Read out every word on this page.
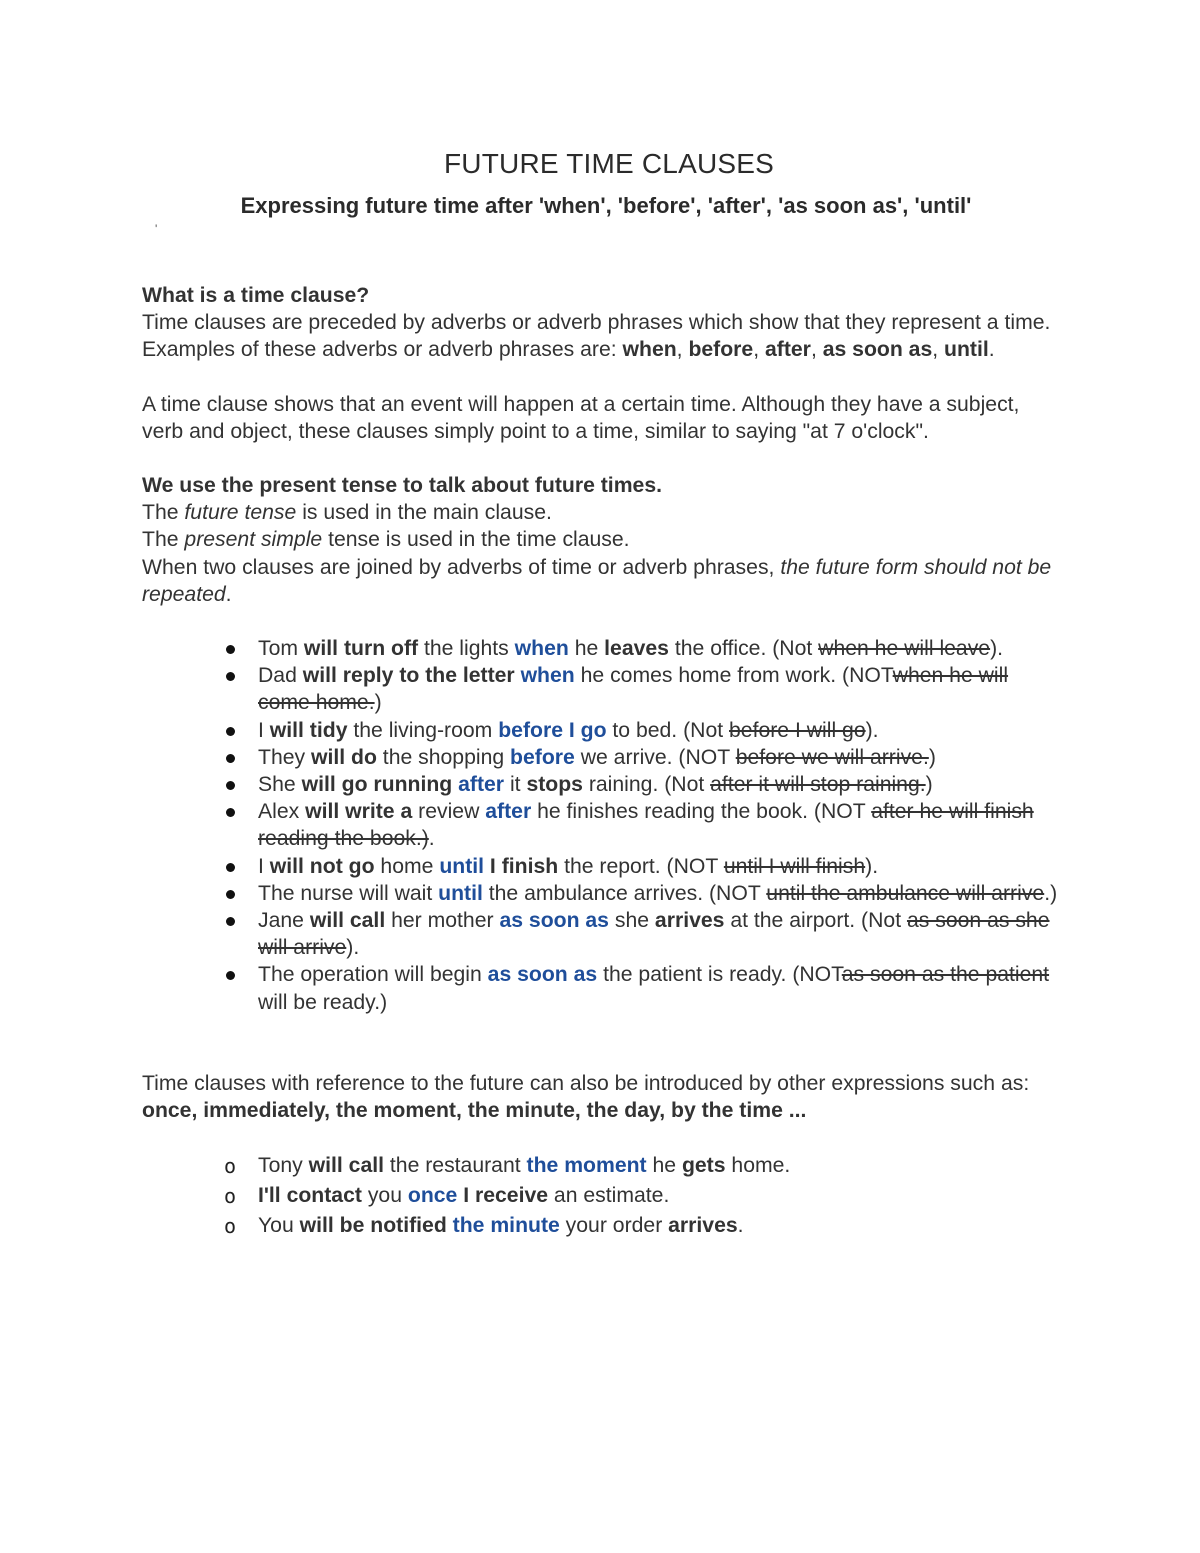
FUTURE TIME CLAUSES
Expressing future time after 'when', 'before', 'after', 'as soon as', 'until'
'

What is a time clause?

Time clauses are preceded by adverbs or adverb phrases which show that they represent a time.

Examples of these adverbs or adverb phrases are: when, before, after, as soon as, until.

A time clause shows that an event will happen at a certain time. Although they have a subject, verb and object, these clauses simply point to a time, similar to saying "at 7 o'clock".

We use the present tense to talk about future times.

The future tense is used in the main clause.

The present simple tense is used in the time clause.

When two clauses are joined by adverbs of time or adverb phrases, the future form should not be repeated.

Tom will turn off the lights when he leaves the office. (Not when he will leave).
Dad will reply to the letter when he comes home from work. (NOTwhen he will come home.)
I will tidy the living-room before I go to bed. (Not before I will go).
They will do the shopping before we arrive. (NOT before we will arrive.)
She will go running after it stops raining. (Not after it will stop raining.)
Alex will write a review after he finishes reading the book. (NOT after he will finish reading the book.).
I will not go home until I finish the report. (NOT until I will finish).
The nurse will wait until the ambulance arrives. (NOT until the ambulance will arrive.)
Jane will call her mother as soon as she arrives at the airport. (Not as soon as she will arrive).
The operation will begin as soon as the patient is ready. (NOTas soon as the patient will be ready.)

Time clauses with reference to the future can also be introduced by other expressions such as:

once, immediately, the moment, the minute, the day, by the time ...

o Tony will call the restaurant the moment he gets home.
o I'll contact you once I receive an estimate.
o You will be notified the minute your order arrives.
